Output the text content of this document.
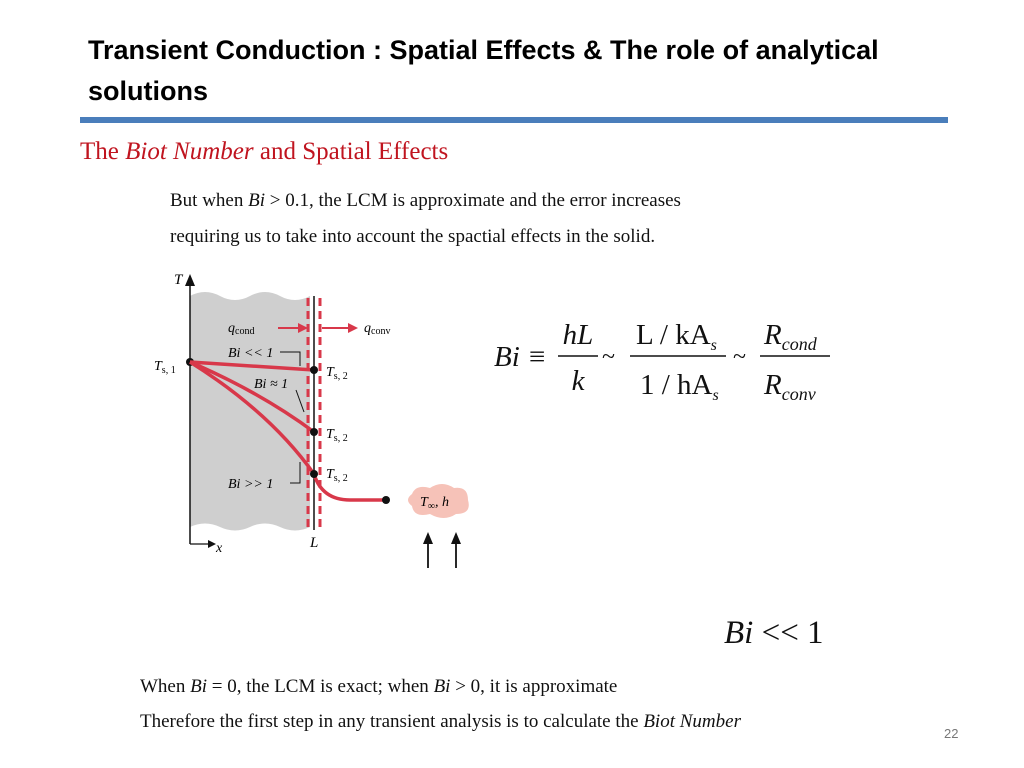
Transient Conduction : Spatial Effects & The role of analytical solutions
The Biot Number and Spatial Effects
But when Bi > 0.1, the LCM is approximate and the error increases
requiring us to take into account the spactial effects in the solid.
T
x	L
qcond	qconv
$T_{s, 1}$	$T_{s, 2}$
$T_{s, 2}$
$T_{s, 2}$
Bi << 1
Bi ≈ 1
Bi >> 1
$T_\infty$, h
Bi ≡
hL
k
~
L / $kA_s$
$1 / hA_s$
~
$R_{cond}$
$R_{conv}$
Bi << 1
When Bi = 0, the LCM is exact; when Bi > 0, it is approximate
Therefore the first step in any transient analysis is to calculate the Biot Number
22
